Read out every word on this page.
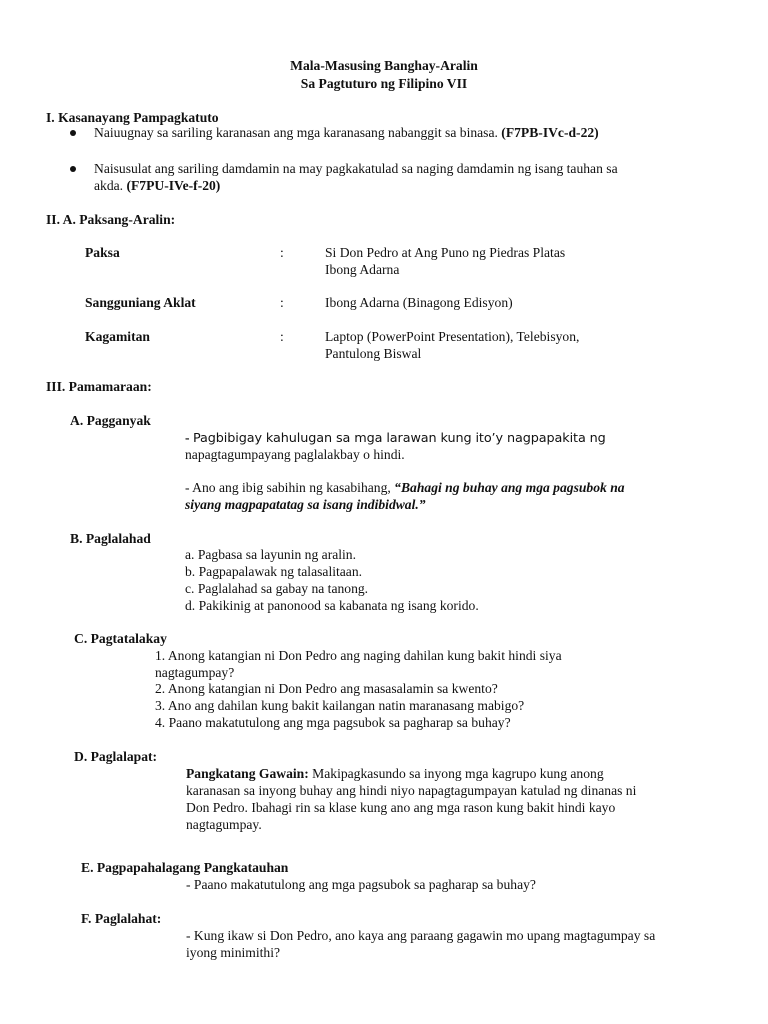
Mala-Masusing Banghay-Aralin
Sa Pagtuturo ng Filipino VII
I. Kasanayang Pampagkatuto
Naiuugnay sa sariling karanasan ang mga karanasang nabanggit sa binasa. (F7PB-IVc-d-22)
Naisusulat ang sariling damdamin na may pagkakatulad sa naging damdamin ng isang tauhan sa
akda. (F7PU-IVe-f-20)
II. A. Paksang-Aralin:
Paksa	:	Si Don Pedro at Ang Puno ng Piedras Platas
Ibong Adarna
Sangguniang Aklat	:	Ibong Adarna (Binagong Edisyon)
Kagamitan	:	Laptop (PowerPoint Presentation), Telebisyon,
Pantulong Biswal
III. Pamamaraan:
A. Pagganyak
- Pagbibigay kahulugan sa mga larawan kung ito’y nagpapakita ng
napagtagumpayang paglalakbay o hindi.
- Ano ang ibig sabihin ng kasabihang, “Bahagi ng buhay ang mga pagsubok na
siyang magpapatatag sa isang indibidwal.”
B. Paglalahad
a. Pagbasa sa layunin ng aralin.
b. Pagpapalawak ng talasalitaan.
c. Paglalahad sa gabay na tanong.
d. Pakikinig at panonood sa kabanata ng isang korido.
C. Pagtatalakay
1. Anong katangian ni Don Pedro ang naging dahilan kung bakit hindi siya
nagtagumpay?
2. Anong katangian ni Don Pedro ang masasalamin sa kwento?
3. Ano ang dahilan kung bakit kailangan natin maranasang mabigo?
4. Paano makatutulong ang mga pagsubok sa pagharap sa buhay?
D. Paglalapat:
Pangkatang Gawain: Makipagkasundo sa inyong mga kagrupo kung anong
karanasan sa inyong buhay ang hindi niyo napagtagumpayan katulad ng dinanas ni
Don Pedro. Ibahagi rin sa klase kung ano ang mga rason kung bakit hindi kayo
nagtagumpay.
E. Pagpapahalagang Pangkatauhan
- Paano makatutulong ang mga pagsubok sa pagharap sa buhay?
F. Paglalahat:
- Kung ikaw si Don Pedro, ano kaya ang paraang gagawin mo upang magtagumpay sa
iyong minimithi?
